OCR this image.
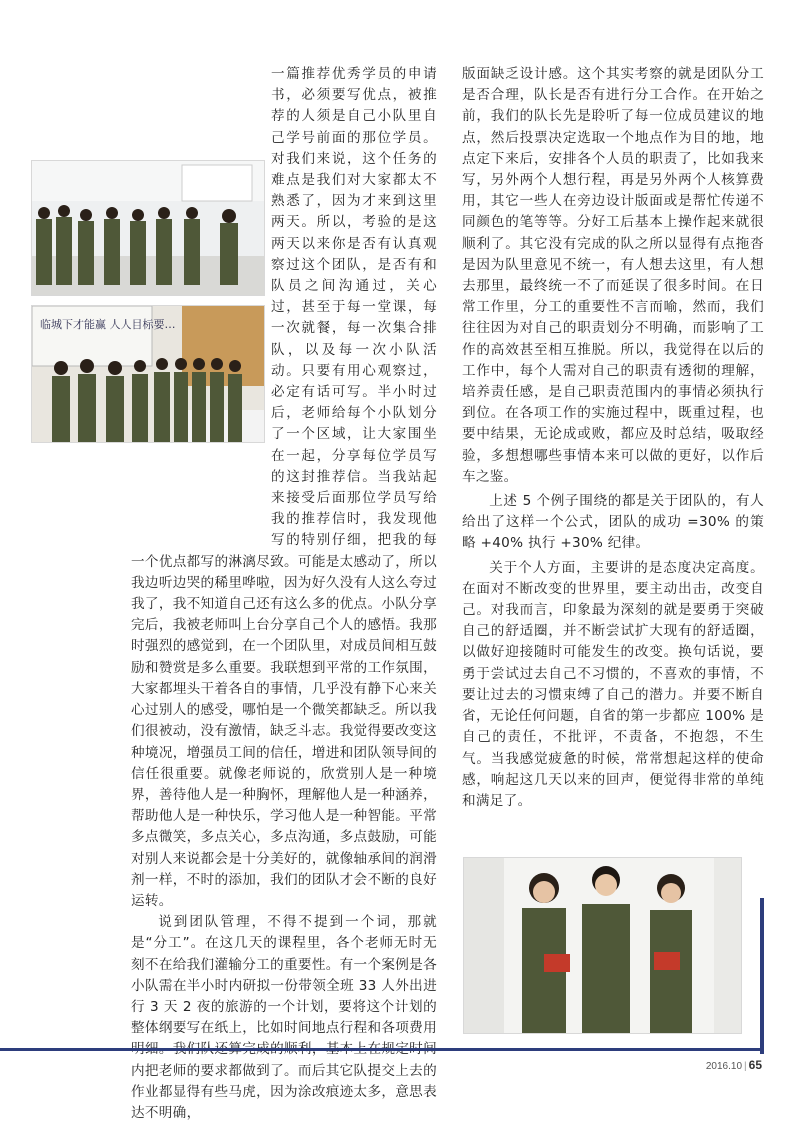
临城下才能赢 人人目标要…

一篇推荐优秀学员的申请书，必须要写优点，被推荐的人须是自己小队里自己学号前面的那位学员。对我们来说，这个任务的难点是我们对大家都太不熟悉了，因为才来到这里两天。所以，考验的是这两天以来你是否有认真观察过这个团队，是否有和队员之间沟通过，关心过，甚至于每一堂课，每一次就餐，每一次集合排队，以及每一次小队活动。只要有用心观察过，必定有话可写。半小时过后，老师给每个小队划分了一个区域，让大家围坐在一起，分享每位学员写的这封推荐信。当我站起来接受后面那位学员写给我的推荐信时，我发现他写的特别仔细，把我的每一个优点都写的淋漓尽致。可能是太感动了，所以我边听边哭的稀里哗啦，因为好久没有人这么夸过我了，我不知道自己还有这么多的优点。小队分享完后，我被老师叫上台分享自己个人的感悟。我那时强烈的感觉到，在一个团队里，对成员间相互鼓励和赞赏是多么重要。我联想到平常的工作氛围，大家都埋头干着各自的事情，几乎没有静下心来关心过别人的感受，哪怕是一个微笑都缺乏。所以我们很被动，没有激情，缺乏斗志。我觉得要改变这种境况，增强员工间的信任，增进和团队领导间的信任很重要。就像老师说的，欣赏别人是一种境界，善待他人是一种胸怀，理解他人是一种涵养，帮助他人是一种快乐，学习他人是一种智能。平常多点微笑，多点关心，多点沟通，多点鼓励，可能对别人来说都会是十分美好的，就像轴承间的润滑剂一样，不时的添加，我们的团队才会不断的良好运转。

说到团队管理，不得不提到一个词，那就是“分工”。在这几天的课程里，各个老师无时无刻不在给我们灌输分工的重要性。有一个案例是各小队需在半小时内研拟一份带领全班 33 人外出进行 3 天 2 夜的旅游的一个计划，要将这个计划的整体纲要写在纸上，比如时间地点行程和各项费用 内把老师的要求都做到了。而后其它队提交上去的作业都显得有些马虎，因为涂改痕迹太多，意思表达不明确，

版面缺乏设计感。这个其实考察的就是团队分工是否合理，队长是否有进行分工合作。在开始之前，我们的队长先是聆听了每一位成员建议的地点，然后投票决定选取一个地点作为目的地，地点定下来后，安排各个人员的职责了，比如我来写，另外两个人想行程，再是另外两个人核算费用，其它一些人在旁边设计版面或是帮忙传递不同颜色的笔等等。分好工后基本上操作起来就很顺利了。其它没有完成的队之所以显得有点拖沓是因为队里意见不统一，有人想去这里，有人想去那里，最终统一不了而延误了很多时间。在日常工作里，分工的重要性不言而喻，然而，我们往往因为对自己的职责划分不明确，而影响了工作的高效甚至相互推脱。所以，我觉得在以后的工作中，每个人需对自己的职责有透彻的理解，培养责任感，是自己职责范围内的事情必须执行到位。在各项工作的实施过程中，既重过程，也要中结果，无论成或败，都应及时总结，吸取经验，多想想哪些事情本来可以做的更好，以作后车之鉴。

上述 5 个例子围绕的都是关于团队的，有人给出了这样一个公式，团队的成功 =30% 的策略 +40% 执行 +30% 纪律。

关于个人方面，主要讲的是态度决定高度。在面对不断改变的世界里，要主动出击，改变自己。对我而言，印象最为深刻的就是要勇于突破自己的舒适圈，并不断尝试扩大现有的舒适圈，以做好迎接随时可能发生的改变。换句话说，要勇于尝试过去自己不习惯的，不喜欢的事情，不要让过去的习惯束缚了自己的潜力。并要不断自省，无论任何问题，自省的第一步都应 100% 是自己的责任，不批评，不责备，不抱怨，不生气。当我感觉疲惫的时候，常常想起这样的使命感，响起这几天以来的回声，便觉得非常的单纯和满足了。

2016.10 | 65
